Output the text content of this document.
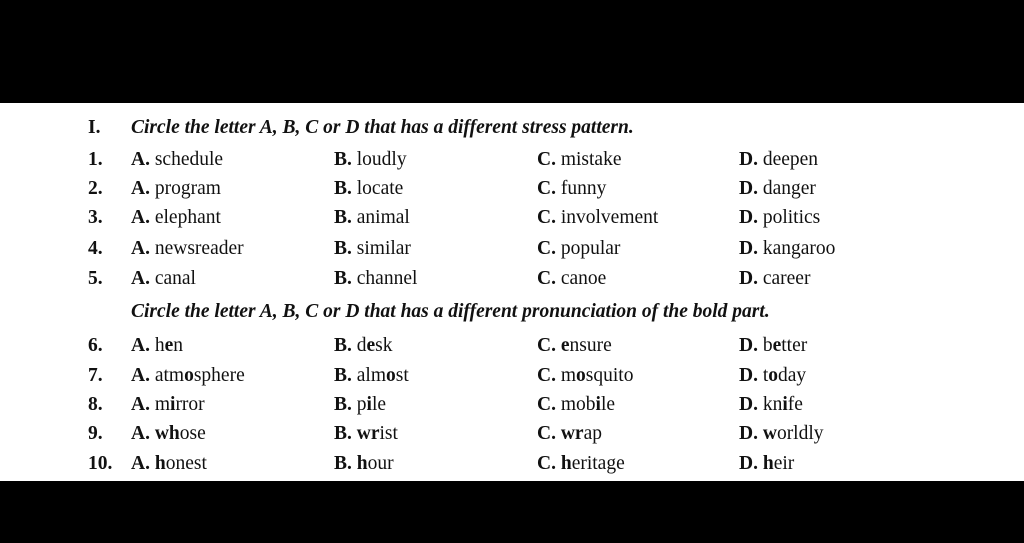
I. Circle the letter A, B, C or D that has a different stress pattern.
1. A. schedule	B. loudly	C. mistake	D. deepen
2. A. program	B. locate	C. funny	D. danger
3. A. elephant	B. animal	C. involvement	D. politics
4. A. newsreader	B. similar	C. popular	D. kangaroo
5. A. canal	B. channel	C. canoe	D. career
Circle the letter A, B, C or D that has a different pronunciation of the bold part.
6. A. hen	B. desk	C. ensure	D. better
7. A. atmosphere	B. almost	C. mosquito	D. today
8. A. mirror	B. pile	C. mobile	D. knife
9. A. whose	B. wrist	C. wrap	D. worldly
10. A. honest	B. hour	C. heritage	D. heir
